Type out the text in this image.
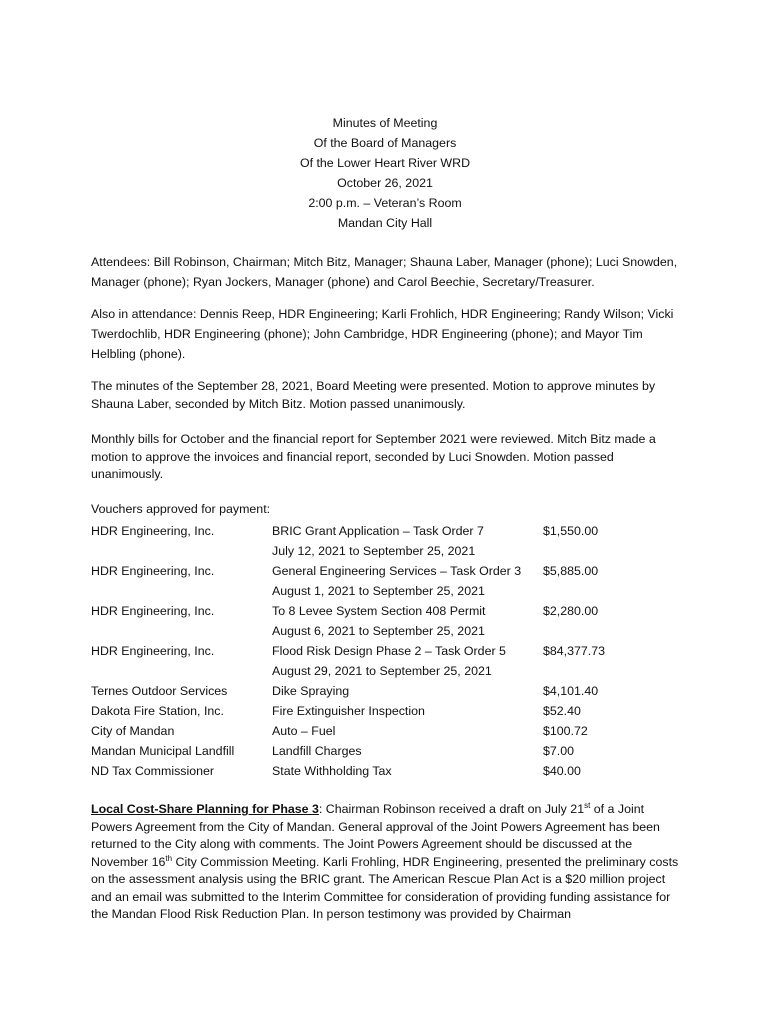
Minutes of Meeting
Of the Board of Managers
Of the Lower Heart River WRD
October 26, 2021
2:00 p.m. – Veteran’s Room
Mandan City Hall
Attendees: Bill Robinson, Chairman; Mitch Bitz, Manager; Shauna Laber, Manager (phone); Luci Snowden, Manager (phone); Ryan Jockers, Manager (phone) and Carol Beechie, Secretary/Treasurer.
Also in attendance: Dennis Reep, HDR Engineering; Karli Frohlich, HDR Engineering; Randy Wilson; Vicki Twerdochlib, HDR Engineering (phone); John Cambridge, HDR Engineering (phone); and Mayor Tim Helbling (phone).
The minutes of the September 28, 2021, Board Meeting were presented. Motion to approve minutes by Shauna Laber, seconded by Mitch Bitz. Motion passed unanimously.
Monthly bills for October and the financial report for September 2021 were reviewed. Mitch Bitz made a motion to approve the invoices and financial report, seconded by Luci Snowden. Motion passed unanimously.
Vouchers approved for payment:
HDR Engineering, Inc.	BRIC Grant Application – Task Order 7	$1,550.00
July 12, 2021 to September 25, 2021
HDR Engineering, Inc.	General Engineering Services – Task Order 3 $5,885.00
August 1, 2021 to September 25, 2021
HDR Engineering, Inc.	To 8 Levee System Section 408 Permit	$2,280.00
August 6, 2021 to September 25, 2021
HDR Engineering, Inc.	Flood Risk Design Phase 2 – Task Order 5	$84,377.73
August 29, 2021 to September 25, 2021
Ternes Outdoor Services	Dike Spraying	$4,101.40
Dakota Fire Station, Inc.	Fire Extinguisher Inspection	$52.40
City of Mandan	Auto – Fuel	$100.72
Mandan Municipal Landfill	Landfill Charges	$7.00
ND Tax Commissioner	State Withholding Tax	$40.00
Local Cost-Share Planning for Phase 3: Chairman Robinson received a draft on July 21st of a Joint Powers Agreement from the City of Mandan. General approval of the Joint Powers Agreement has been returned to the City along with comments. The Joint Powers Agreement should be discussed at the November 16th City Commission Meeting. Karli Frohling, HDR Engineering, presented the preliminary costs on the assessment analysis using the BRIC grant. The American Rescue Plan Act is a $20 million project and an email was submitted to the Interim Committee for consideration of providing funding assistance for the Mandan Flood Risk Reduction Plan. In person testimony was provided by Chairman
